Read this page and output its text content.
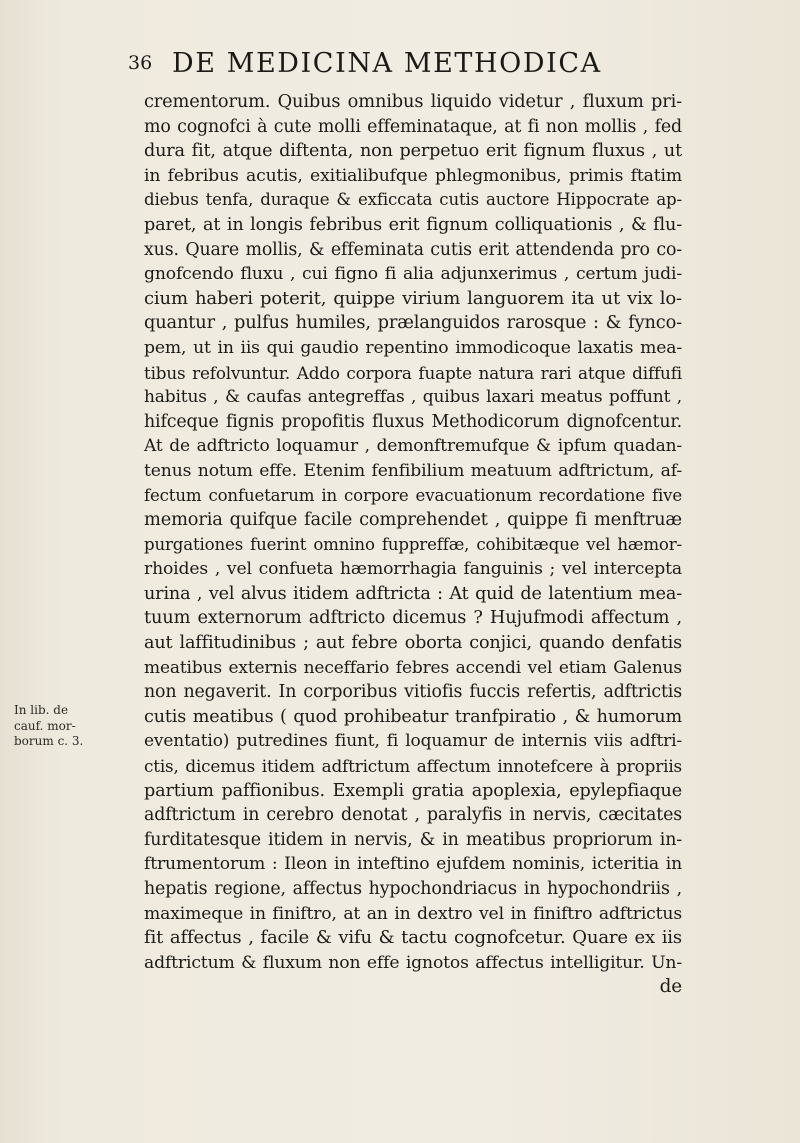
36 DE MEDICINA METHODICA
In lib. de
cauf. mor-
borum c. 3.
crementorum. Quibus omnibus liquido videtur , fluxum pri-
mo cognofci à cute molli effeminataque, at fi non mollis , fed
dura fit, atque diftenta, non perpetuo erit fignum fluxus , ut
in febribus acutis, exitialibufque phlegmonibus, primis ftatim
diebus tenfa, duraque & exficcata cutis auctore Hippocrate ap-
paret, at in longis febribus erit fignum colliquationis , & flu-
xus. Quare mollis, & effeminata cutis erit attendenda pro co-
gnofcendo fluxu , cui figno fi alia adjunxerimus , certum judi-
cium haberi poterit, quippe virium languorem ita ut vix lo-
quantur , pulfus humiles, prælanguidos rarosque : & fynco-
pem, ut in iis qui gaudio repentino immodicoque laxatis mea-
tibus refolvuntur. Addo corpora fuapte natura rari atque diffufi
habitus , & caufas antegreffas , quibus laxari meatus poffunt ,
hifceque fignis propofitis fluxus Methodicorum dignofcentur.
At de adftricto loquamur , demonftremufque & ipfum quadan-
tenus notum effe. Etenim fenfibilium meatuum adftrictum, af-
fectum confuetarum in corpore evacuationum recordatione five
memoria quifque facile comprehendet , quippe fi menftruæ
purgationes fuerint omnino fuppreffæ, cohibitæque vel hæmor-
rhoides , vel confueta hæmorrhagia fanguinis ; vel intercepta
urina , vel alvus itidem adftricta : At quid de latentium mea-
tuum externorum adftricto dicemus ? Hujufmodi affectum ,
aut laffitudinibus ; aut febre oborta conjici, quando denfatis
meatibus externis neceffario febres accendi vel etiam Galenus
non negaverit. In corporibus vitiofis fuccis refertis, adftrictis
cutis meatibus ( quod prohibeatur tranfpiratio , & humorum
eventatio) putredines fiunt, fi loquamur de internis viis adftri-
ctis, dicemus itidem adftrictum affectum innotefcere à propriis
partium paffionibus. Exempli gratia apoplexia, epylepfiaque
adftrictum in cerebro denotat , paralyfis in nervis, cæcitates
furditatesque itidem in nervis, & in meatibus propriorum in-
ftrumentorum : Ileon in inteftino ejufdem nominis, icteritia in
hepatis regione, affectus hypochondriacus in hypochondriis ,
maximeque in finiftro, at an in dextro vel in finiftro adftrictus
fit affectus , facile & vifu & tactu cognofcetur. Quare ex iis
adftrictum & fluxum non effe ignotos affectus intelligitur. Un-
de
